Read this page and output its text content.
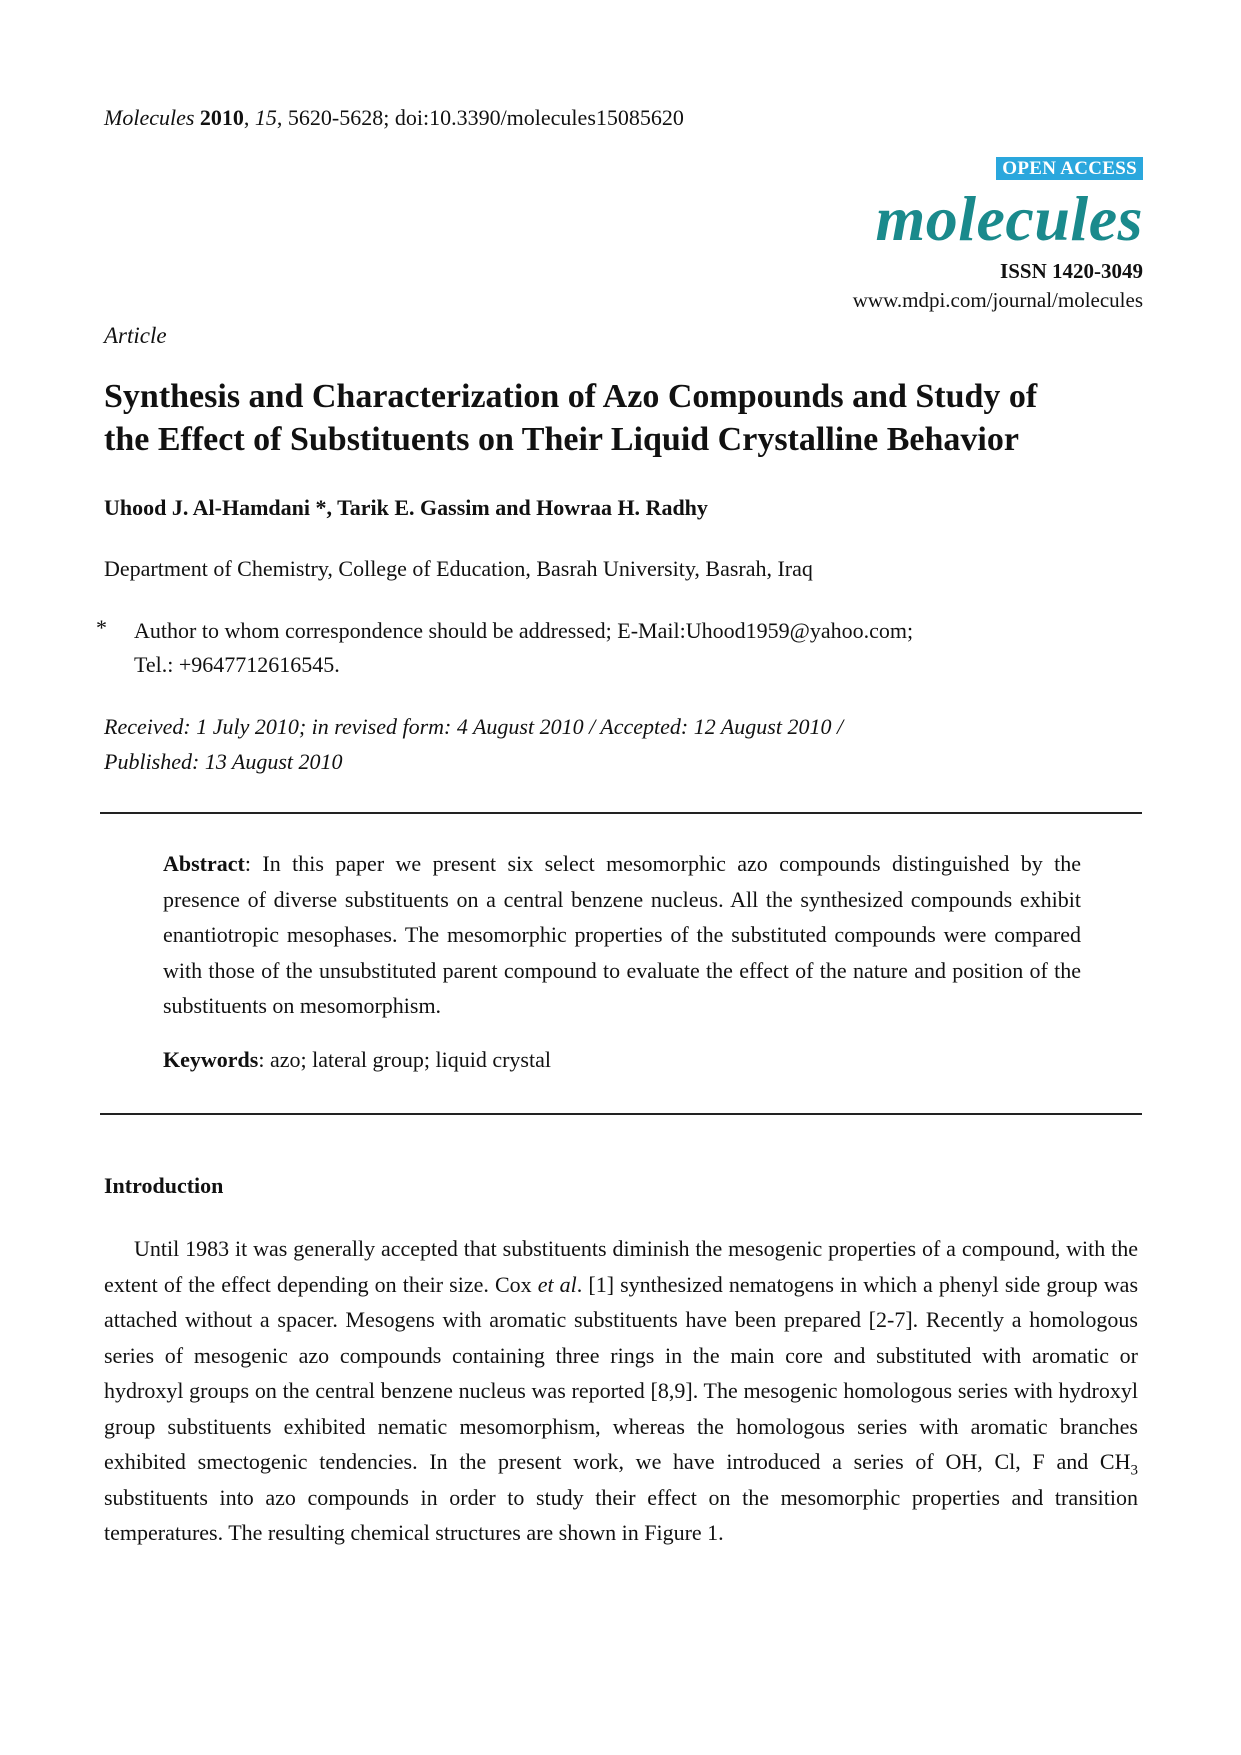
Molecules 2010, 15, 5620-5628; doi:10.3390/molecules15085620
OPEN ACCESS
molecules
ISSN 1420-3049
www.mdpi.com/journal/molecules
Article
Synthesis and Characterization of Azo Compounds and Study of
the Effect of Substituents on Their Liquid Crystalline Behavior
Uhood J. Al-Hamdani *, Tarik E. Gassim and Howraa H. Radhy
Department of Chemistry, College of Education, Basrah University, Basrah, Iraq
* Author to whom correspondence should be addressed; E-Mail:Uhood1959@yahoo.com;
Tel.: +9647712616545.
Received: 1 July 2010; in revised form: 4 August 2010 / Accepted: 12 August 2010 /
Published: 13 August 2010

Abstract: In this paper we present six select mesomorphic azo compounds distinguished by the presence of diverse substituents on a central benzene nucleus. All the synthesized compounds exhibit enantiotropic mesophases. The mesomorphic properties of the substituted compounds were compared with those of the unsubstituted parent compound to evaluate the effect of the nature and position of the substituents on mesomorphism.

Keywords: azo; lateral group; liquid crystal
Introduction

Until 1983 it was generally accepted that substituents diminish the mesogenic properties of a compound, with the extent of the effect depending on their size. Cox et al. [1] synthesized nematogens in which a phenyl side group was attached without a spacer. Mesogens with aromatic substituents have been prepared [2-7]. Recently a homologous series of mesogenic azo compounds containing three rings in the main core and substituted with aromatic or hydroxyl groups on the central benzene nucleus was reported [8,9]. The mesogenic homologous series with hydroxyl group substituents exhibited nematic mesomorphism, whereas the homologous series with aromatic branches exhibited smectogenic tendencies. In the present work, we have introduced a series of OH, Cl, F and $CH_3$ substituents into azo compounds in order to study their effect on the mesomorphic properties and transition temperatures. The resulting chemical structures are shown in Figure 1.
